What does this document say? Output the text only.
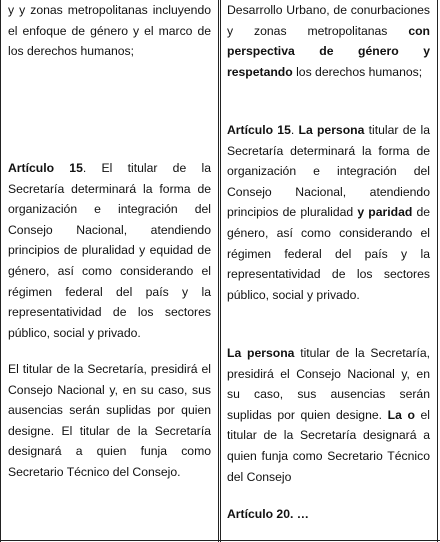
y y zonas metropolitanas incluyendo el enfoque de género y el marco de los derechos humanos;

Artículo 15. El titular de la Secretaría determinará la forma de organización e integración del Consejo Nacional, atendiendo principios de pluralidad y equidad de género, así como considerando el régimen federal del país y la representatividad de los sectores público, social y privado.

El titular de la Secretaría, presidirá el Consejo Nacional y, en su caso, sus ausencias serán suplidas por quien designe. El titular de la Secretaría designará a quien funja como Secretario Técnico del Consejo.

Desarrollo Urbano, de conurbaciones y zonas metropolitanas con perspectiva de género y respetando los derechos humanos;

Artículo 15. La persona titular de la Secretaría determinará la forma de organización e integración del Consejo Nacional, atendiendo principios de pluralidad y paridad de género, así como considerando el régimen federal del país y la representatividad de los sectores público, social y privado.

La persona titular de la Secretaría, presidirá el Consejo Nacional y, en su caso, sus ausencias serán suplidas por quien designe. La o el titular de la Secretaría designará a quien funja como Secretario Técnico del Consejo

Artículo 20. …
